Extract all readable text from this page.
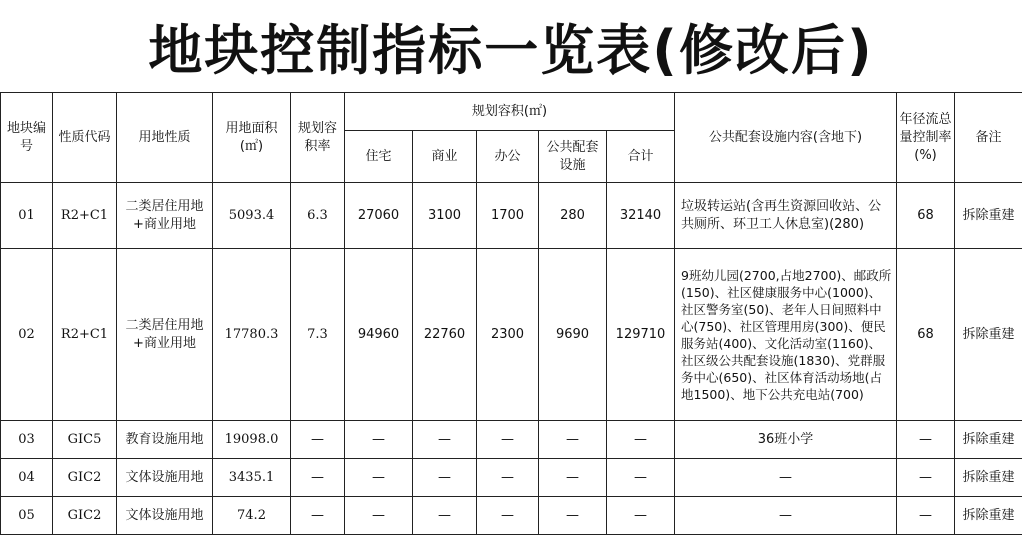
地块控制指标一览表(修改后)
地块编号	性质代码	用地性质	用地面积(㎡)	规划容积率	规划容积(㎡)					公共配套设施内容(含地下)	年径流总量控制率(%)	备注
					住宅	商业	办公	公共配套设施	合计			
01	R2+C1	二类居住用地+商业用地	5093.4	6.3	27060	3100	1700	280	32140	垃圾转运站(含再生资源回收站、公共厕所、环卫工人休息室)(280)	68	拆除重建
02	R2+C1	二类居住用地+商业用地	17780.3	7.3	94960	22760	2300	9690	129710	9班幼儿园(2700,占地2700)、邮政所(150)、社区健康服务中心(1000)、社区警务室(50)、老年人日间照料中心(750)、社区管理用房(300)、便民服务站(400)、文化活动室(1160)、社区级公共配套设施(1830)、党群服务中心(650)、社区体育活动场地(占地1500)、地下公共充电站(700)	68	拆除重建
03	GIC5	教育设施用地	19098.0	—	—	—	—	—	—	36班小学	—	拆除重建
04	GIC2	文体设施用地	3435.1	—	—	—	—	—	—	—	—	拆除重建
05	GIC2	文体设施用地	74.2	—	—	—	—	—	—	—	—	拆除重建
